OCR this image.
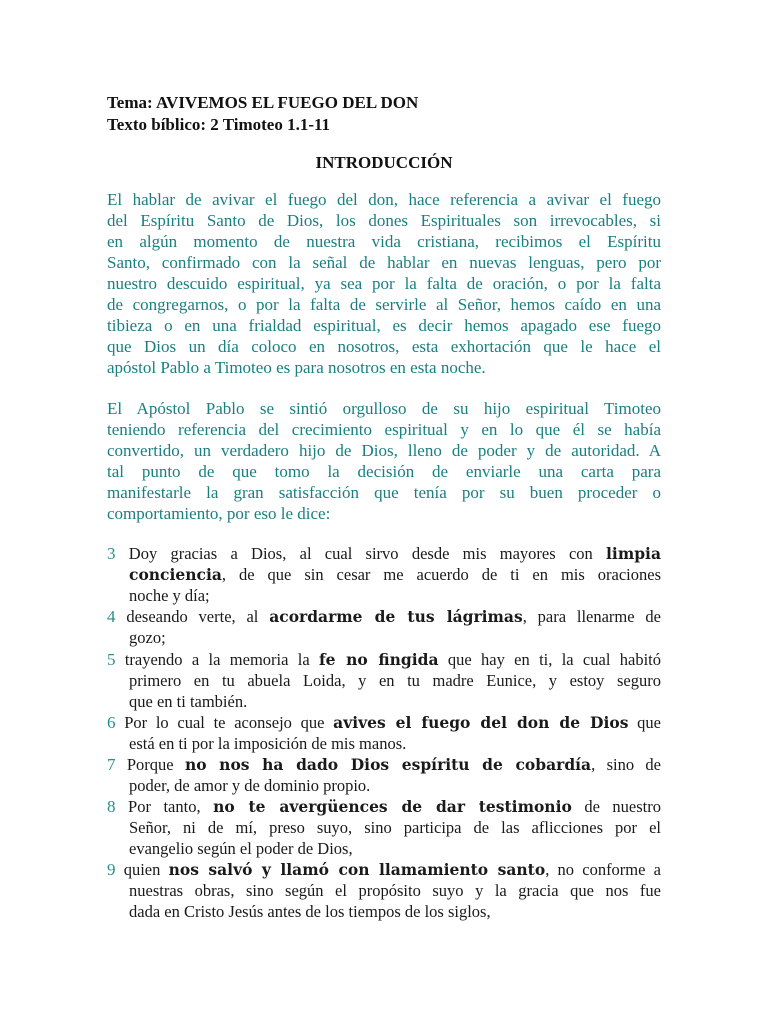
Tema: AVIVEMOS EL FUEGO DEL DON
Texto bíblico: 2 Timoteo 1.1-11
INTRODUCCIÓN
El hablar de avivar el fuego del don, hace referencia a avivar el fuego
del Espíritu Santo de Dios, los dones Espirituales son irrevocables, si
en algún momento de nuestra vida cristiana, recibimos el Espíritu
Santo, confirmado con la señal de hablar en nuevas lenguas, pero por
nuestro descuido espiritual, ya sea por la falta de oración, o por la falta
de congregarnos, o por la falta de servirle al Señor, hemos caído en una
tibieza o en una frialdad espiritual, es decir hemos apagado ese fuego
que Dios un día coloco en nosotros, esta exhortación que le hace el
apóstol Pablo a Timoteo es para nosotros en esta noche.
El Apóstol Pablo se sintió orgulloso de su hijo espiritual Timoteo
teniendo referencia del crecimiento espiritual y en lo que él se había
convertido, un verdadero hijo de Dios, lleno de poder y de autoridad. A
tal punto de que tomo la decisión de enviarle una carta para
manifestarle la gran satisfacción que tenía por su buen proceder o
comportamiento, por eso le dice:
3 Doy gracias a Dios, al cual sirvo desde mis mayores con limpia
conciencia, de que sin cesar me acuerdo de ti en mis oraciones
noche y día;
4 deseando verte, al acordarme de tus lágrimas, para llenarme de
gozo;
5 trayendo a la memoria la fe no fingida que hay en ti, la cual habitó
primero en tu abuela Loida, y en tu madre Eunice, y estoy seguro
que en ti también.
6 Por lo cual te aconsejo que avives el fuego del don de Dios que
está en ti por la imposición de mis manos.
7 Porque no nos ha dado Dios espíritu de cobardía, sino de
poder, de amor y de dominio propio.
8 Por tanto, no te avergüences de dar testimonio de nuestro
Señor, ni de mí, preso suyo, sino participa de las aflicciones por el
evangelio según el poder de Dios,
9 quien nos salvó y llamó con llamamiento santo, no conforme a
nuestras obras, sino según el propósito suyo y la gracia que nos fue
dada en Cristo Jesús antes de los tiempos de los siglos,
